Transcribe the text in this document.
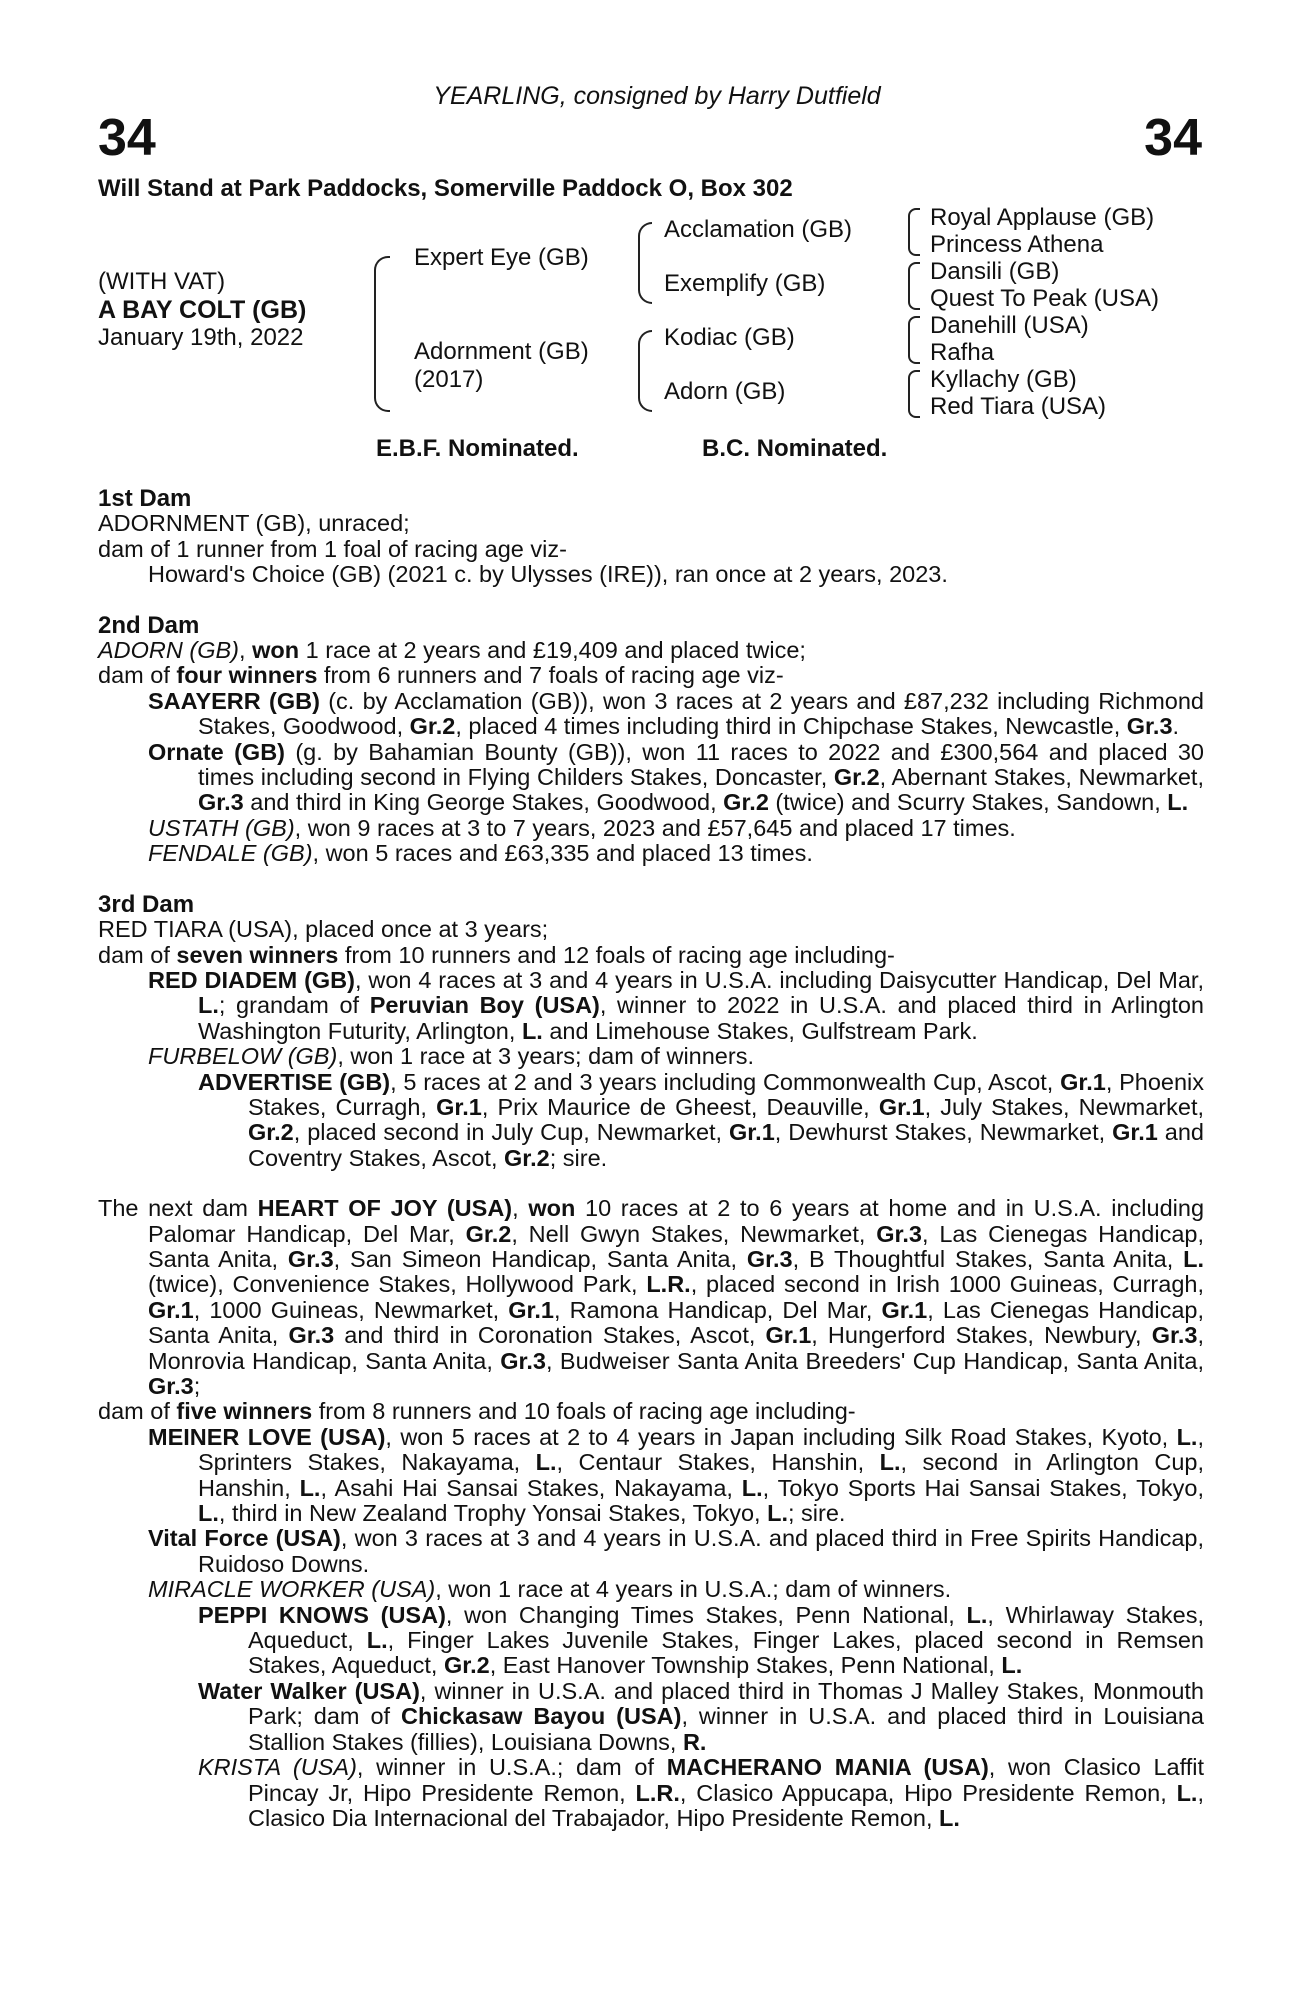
YEARLING, consigned by Harry Dutfield
34	34
Will Stand at Park Paddocks, Somerville Paddock O, Box 302
(WITH VAT)
A BAY COLT (GB)
January 19th, 2022
Expert Eye (GB)
Adornment (GB)
(2017)
Acclamation (GB)
Exemplify (GB)
Kodiac (GB)
Adorn (GB)
Royal Applause (GB)
Princess Athena
Dansili (GB)
Quest To Peak (USA)
Danehill (USA)
Rafha
Kyllachy (GB)
Red Tiara (USA)
E.B.F. Nominated.	B.C. Nominated.

1st Dam

ADORNMENT (GB), unraced;

dam of 1 runner from 1 foal of racing age viz-

Howard's Choice (GB) (2021 c. by Ulysses (IRE)), ran once at 2 years, 2023.

2nd Dam

ADORN (GB), won 1 race at 2 years and £19,409 and placed twice;

dam of four winners from 6 runners and 7 foals of racing age viz-

SAAYERR (GB) (c. by Acclamation (GB)), won 3 races at 2 years and £87,232 including Richmond Stakes, Goodwood, Gr.2, placed 4 times including third in Chipchase Stakes, Newcastle, Gr.3.

Ornate (GB) (g. by Bahamian Bounty (GB)), won 11 races to 2022 and £300,564 and placed 30 times including second in Flying Childers Stakes, Doncaster, Gr.2, Abernant Stakes, Newmarket, Gr.3 and third in King George Stakes, Goodwood, Gr.2 (twice) and Scurry Stakes, Sandown, L.

USTATH (GB), won 9 races at 3 to 7 years, 2023 and £57,645 and placed 17 times.

FENDALE (GB), won 5 races and £63,335 and placed 13 times.

3rd Dam

RED TIARA (USA), placed once at 3 years;

dam of seven winners from 10 runners and 12 foals of racing age including-

RED DIADEM (GB), won 4 races at 3 and 4 years in U.S.A. including Daisycutter Handicap, Del Mar, L.; grandam of Peruvian Boy (USA), winner to 2022 in U.S.A. and placed third in Arlington Washington Futurity, Arlington, L. and Limehouse Stakes, Gulfstream Park.

FURBELOW (GB), won 1 race at 3 years; dam of winners.

ADVERTISE (GB), 5 races at 2 and 3 years including Commonwealth Cup, Ascot, Gr.1, Phoenix Stakes, Curragh, Gr.1, Prix Maurice de Gheest, Deauville, Gr.1, July Stakes, Newmarket, Gr.2, placed second in July Cup, Newmarket, Gr.1, Dewhurst Stakes, Newmarket, Gr.1 and Coventry Stakes, Ascot, Gr.2; sire.

The next dam HEART OF JOY (USA), won 10 races at 2 to 6 years at home and in U.S.A. including Palomar Handicap, Del Mar, Gr.2, Nell Gwyn Stakes, Newmarket, Gr.3, Las Cienegas Handicap, Santa Anita, Gr.3, San Simeon Handicap, Santa Anita, Gr.3, B Thoughtful Stakes, Santa Anita, L. (twice), Convenience Stakes, Hollywood Park, L.R., placed second in Irish 1000 Guineas, Curragh, Gr.1, 1000 Guineas, Newmarket, Gr.1, Ramona Handicap, Del Mar, Gr.1, Las Cienegas Handicap, Santa Anita, Gr.3 and third in Coronation Stakes, Ascot, Gr.1, Hungerford Stakes, Newbury, Gr.3, Monrovia Handicap, Santa Anita, Gr.3, Budweiser Santa Anita Breeders' Cup Handicap, Santa Anita, Gr.3;

dam of five winners from 8 runners and 10 foals of racing age including-

MEINER LOVE (USA), won 5 races at 2 to 4 years in Japan including Silk Road Stakes, Kyoto, L., Sprinters Stakes, Nakayama, L., Centaur Stakes, Hanshin, L., second in Arlington Cup, Hanshin, L., Asahi Hai Sansai Stakes, Nakayama, L., Tokyo Sports Hai Sansai Stakes, Tokyo, L., third in New Zealand Trophy Yonsai Stakes, Tokyo, L.; sire.

Vital Force (USA), won 3 races at 3 and 4 years in U.S.A. and placed third in Free Spirits Handicap, Ruidoso Downs.

MIRACLE WORKER (USA), won 1 race at 4 years in U.S.A.; dam of winners.

PEPPI KNOWS (USA), won Changing Times Stakes, Penn National, L., Whirlaway Stakes, Aqueduct, L., Finger Lakes Juvenile Stakes, Finger Lakes, placed second in Remsen Stakes, Aqueduct, Gr.2, East Hanover Township Stakes, Penn National, L.

Water Walker (USA), winner in U.S.A. and placed third in Thomas J Malley Stakes, Monmouth Park; dam of Chickasaw Bayou (USA), winner in U.S.A. and placed third in Louisiana Stallion Stakes (fillies), Louisiana Downs, R.

KRISTA (USA), winner in U.S.A.; dam of MACHERANO MANIA (USA), won Clasico Laffit Pincay Jr, Hipo Presidente Remon, L.R., Clasico Appucapa, Hipo Presidente Remon, L., Clasico Dia Internacional del Trabajador, Hipo Presidente Remon, L.
